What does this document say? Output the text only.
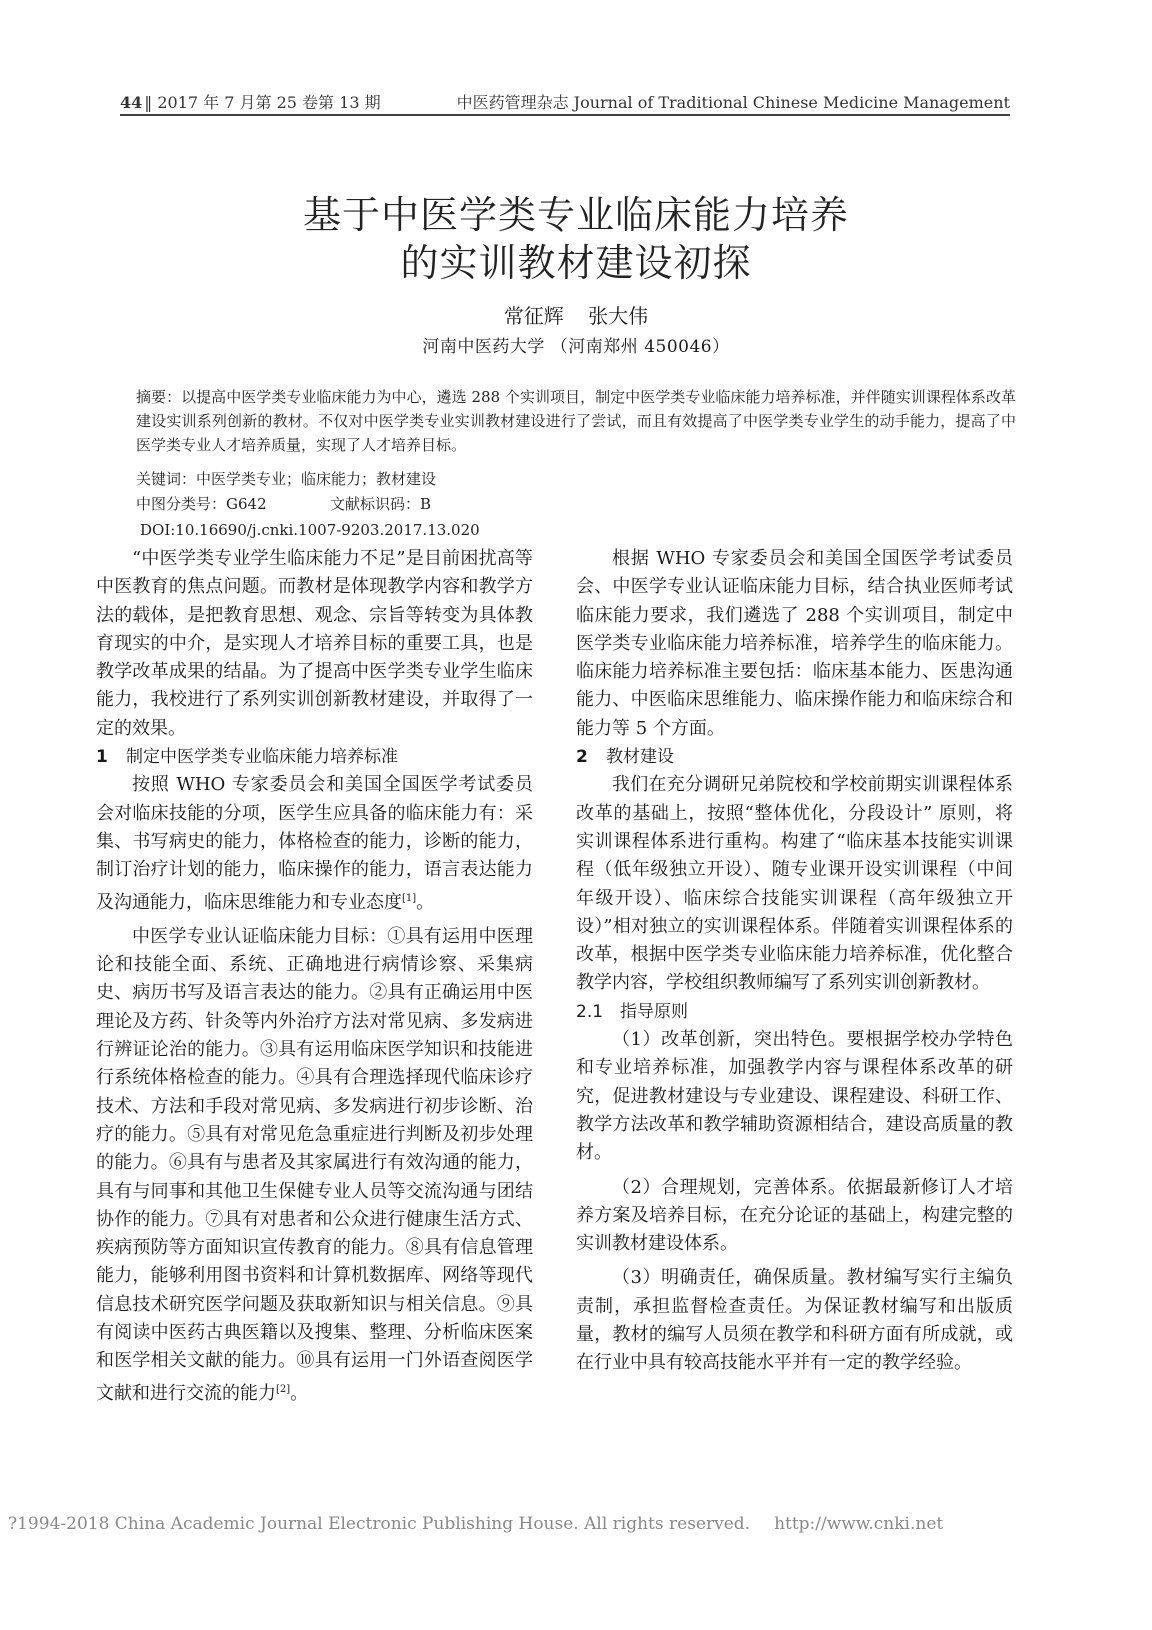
44 ‖ 2017 年 7 月第 25 卷第 13 期	中医药管理杂志 Journal of Traditional Chinese Medicine Management
基于中医学类专业临床能力培养
的实训教材建设初探
常征辉 张大伟
河南中医药大学 （河南郑州 450046）
摘要：以提高中医学类专业临床能力为中心，遴选 288 个实训项目，制定中医学类专业临床能力培养标准，并伴随实训课程体系改革建设实训系列创新的教材。不仅对中医学类专业实训教材建设进行了尝试，而且有效提高了中医学类专业学生的动手能力，提高了中医学类专业人才培养质量，实现了人才培养目标。
关键词：中医学类专业；临床能力；教材建设
中图分类号：G642	文献标识码：B
DOI:10.16690/j.cnki.1007-9203.2017.13.020

“中医学类专业学生临床能力不足”是目前困扰高等中医教育的焦点问题。而教材是体现教学内容和教学方法的载体，是把教育思想、观念、宗旨等转变为具体教育现实的中介，是实现人才培养目标的重要工具，也是教学改革成果的结晶。为了提高中医学类专业学生临床能力，我校进行了系列实训创新教材建设，并取得了一定的效果。

1 制定中医学类专业临床能力培养标准

按照 WHO 专家委员会和美国全国医学考试委员会对临床技能的分项，医学生应具备的临床能力有：采集、书写病史的能力，体格检查的能力，诊断的能力，制订治疗计划的能力，临床操作的能力，语言表达能力及沟通能力，临床思维能力和专业态度[1]。

中医学专业认证临床能力目标：①具有运用中医理论和技能全面、系统、正确地进行病情诊察、采集病史、病历书写及语言表达的能力。②具有正确运用中医理论及方药、针灸等内外治疗方法对常见病、多发病进行辨证论治的能力。③具有运用临床医学知识和技能进行系统体格检查的能力。④具有合理选择现代临床诊疗技术、方法和手段对常见病、多发病进行初步诊断、治疗的能力。⑤具有对常见危急重症进行判断及初步处理的能力。⑥具有与患者及其家属进行有效沟通的能力，具有与同事和其他卫生保健专业人员等交流沟通与团结协作的能力。⑦具有对患者和公众进行健康生活方式、疾病预防等方面知识宣传教育的能力。⑧具有信息管理能力，能够利用图书资料和计算机数据库、网络等现代信息技术研究医学问题及获取新知识与相关信息。⑨具有阅读中医药古典医籍以及搜集、整理、分析临床医案和医学相关文献的能力。⑩具有运用一门外语查阅医学文献和进行交流的能力[2]。

根据 WHO 专家委员会和美国全国医学考试委员会、中医学专业认证临床能力目标，结合执业医师考试临床能力要求，我们遴选了 288 个实训项目，制定中医学类专业临床能力培养标准，培养学生的临床能力。临床能力培养标准主要包括：临床基本能力、医患沟通能力、中医临床思维能力、临床操作能力和临床综合和能力等 5 个方面。

2 教材建设

我们在充分调研兄弟院校和学校前期实训课程体系改革的基础上，按照“整体优化，分段设计” 原则，将实训课程体系进行重构。构建了“临床基本技能实训课程（低年级独立开设）、随专业课开设实训课程（中间年级开设）、临床综合技能实训课程（高年级独立开设）”相对独立的实训课程体系。伴随着实训课程体系的改革，根据中医学类专业临床能力培养标准，优化整合教学内容，学校组织教师编写了系列实训创新教材。

2.1 指导原则

（1）改革创新，突出特色。要根据学校办学特色和专业培养标准，加强教学内容与课程体系改革的研究，促进教材建设与专业建设、课程建设、科研工作、教学方法改革和教学辅助资源相结合，建设高质量的教材。

（2）合理规划，完善体系。依据最新修订人才培养方案及培养目标，在充分论证的基础上，构建完整的实训教材建设体系。

（3）明确责任，确保质量。教材编写实行主编负责制，承担监督检查责任。为保证教材编写和出版质量，教材的编写人员须在教学和科研方面有所成就，或在行业中具有较高技能水平并有一定的教学经验。

?1994-2018 China Academic Journal Electronic Publishing House. All rights reserved. http://www.cnki.net
